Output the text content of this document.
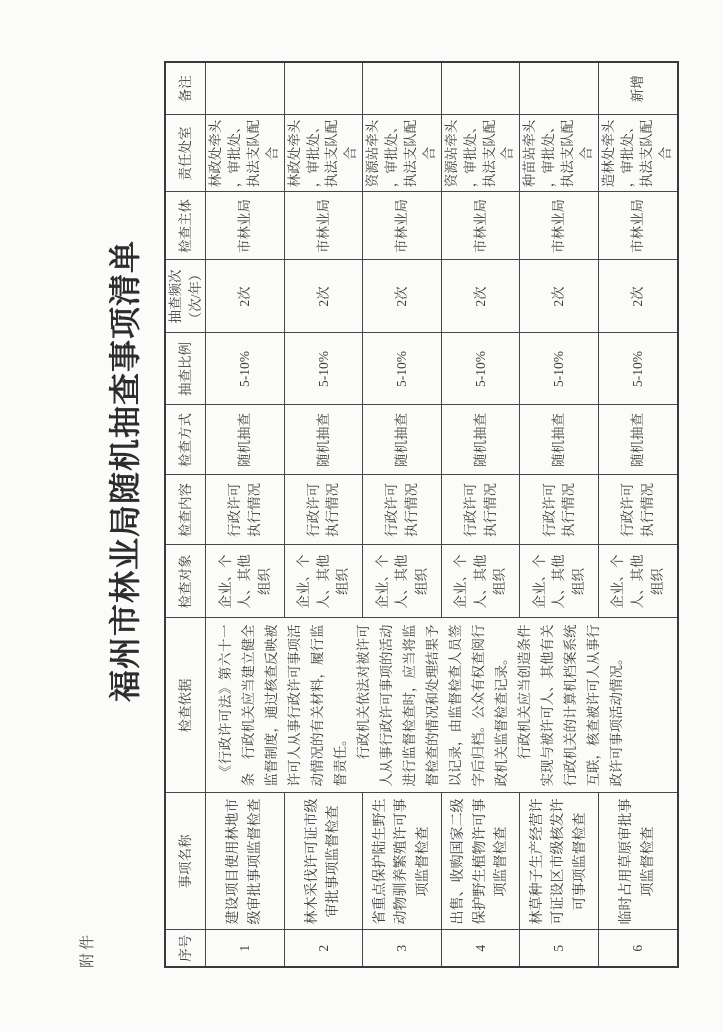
附件
福州市林业局随机抽查事项清单
序号	事项名称	检查依据	检查对象	检查内容	检查方式	抽查比例	抽查频次（次/年）	检查主体	责任处室	备注
1	建设项目使用林地市级审批事项监督检查	《行政许可法》第六十一条　行政机关应当建立健全监督制度，通过核查反映被许可人从事行政许可事项活动情况的有关材料，履行监督责任。 行政机关依法对被许可人从事行政许可事项的活动进行监督检查时，应当将监督检查的情况和处理结果予以记录，由监督检查人员签字后归档。公众有权查阅行政机关监督检查记录。 行政机关应当创造条件实现与被许可人、其他有关行政机关的计算机档案系统互联，核查被许可人从事行政许可事项活动情况。	企业、个人、其他组织	行政许可执行情况	随机抽查	5-10%	2次	市林业局	林政处牵头，审批处、执法支队配合	
2	林木采伐许可证市级审批事项监督检查		企业、个人、其他组织	行政许可执行情况	随机抽查	5-10%	2次	市林业局	林政处牵头，审批处、执法支队配合	
3	省重点保护陆生野生动物驯养繁殖许可事项监督检查		企业、个人、其他组织	行政许可执行情况	随机抽查	5-10%	2次	市林业局	资源站牵头，审批处、执法支队配合	
4	出售、收购国家二级保护野生植物许可事项监督检查		企业、个人、其他组织	行政许可执行情况	随机抽查	5-10%	2次	市林业局	资源站牵头，审批处、执法支队配合	
5	林草种子生产经营许可证设区市级核发许可事项监督检查		企业、个人、其他组织	行政许可执行情况	随机抽查	5-10%	2次	市林业局	种苗站牵头，审批处、执法支队配合	
6	临时占用草原审批事项监督检查		企业、个人、其他组织	行政许可执行情况	随机抽查	5-10%	2次	市林业局	造林处牵头，审批处、执法支队配合	新增
